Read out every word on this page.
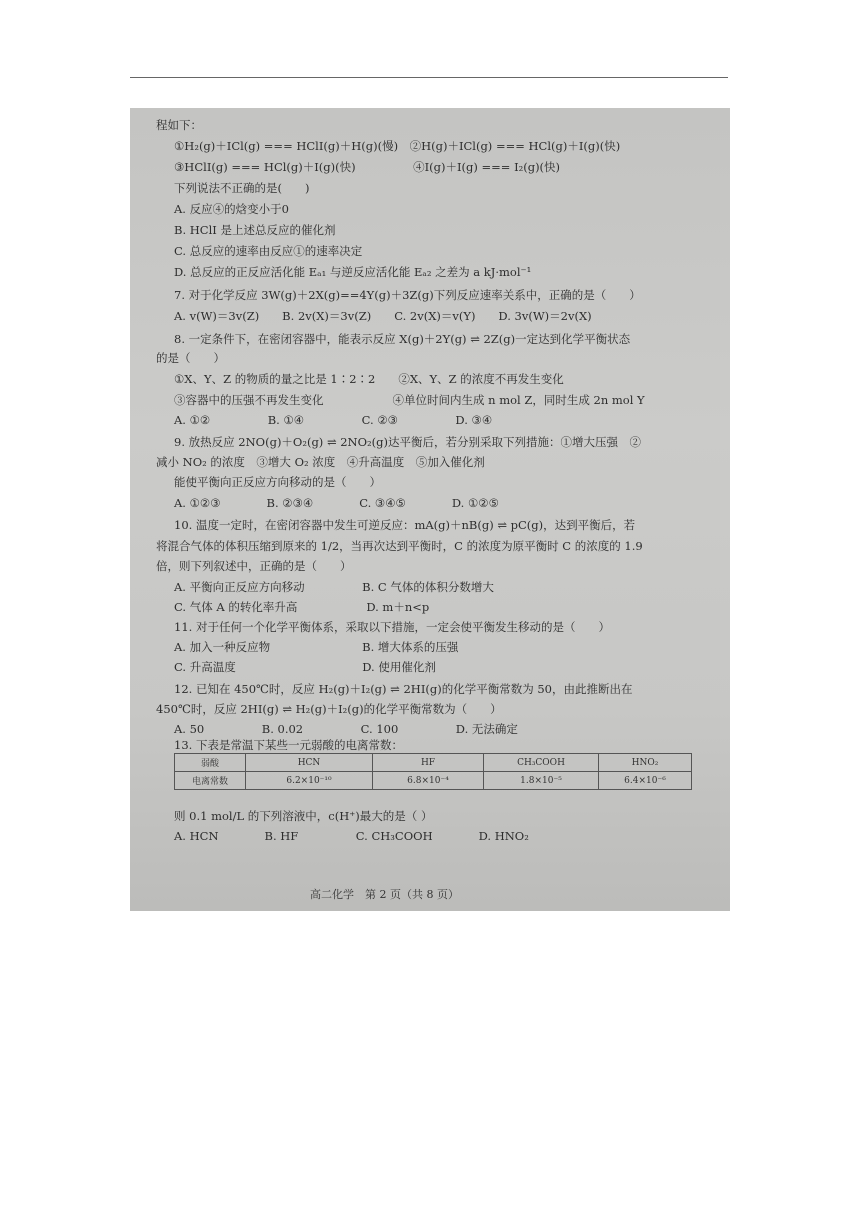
程如下：
①H₂(g)＋ICl(g) === HClI(g)＋H(g)(慢)　②H(g)＋ICl(g) === HCl(g)＋I(g)(快)
③HClI(g) === HCl(g)＋I(g)(快)　　　　　④I(g)＋I(g) === I₂(g)(快)
下列说法不正确的是(　　)
A. 反应④的焓变小于0
B. HClI 是上述总反应的催化剂
C. 总反应的速率由反应①的速率决定
D. 总反应的正反应活化能 Eₐ₁ 与逆反应活化能 Eₐ₂ 之差为 a kJ·mol⁻¹
7. 对于化学反应 3W(g)＋2X(g)==4Y(g)＋3Z(g)下列反应速率关系中，正确的是（　　）
A. v(W)＝3v(Z)　　B. 2v(X)＝3v(Z)　　C. 2v(X)＝v(Y)　　D. 3v(W)＝2v(X)
8. 一定条件下，在密闭容器中，能表示反应 X(g)＋2Y(g) ⇌ 2Z(g)一定达到化学平衡状态
的是（　　）
①X、Y、Z 的物质的量之比是 1∶2∶2　　②X、Y、Z 的浓度不再发生变化
③容器中的压强不再发生变化　　　　　　④单位时间内生成 n mol Z，同时生成 2n mol Y
A. ①②　　　　　B. ①④　　　　　C. ②③　　　　　D. ③④
9. 放热反应 2NO(g)＋O₂(g) ⇌ 2NO₂(g)达平衡后，若分别采取下列措施：①增大压强　②
减小 NO₂ 的浓度　③增大 O₂ 浓度　④升高温度　⑤加入催化剂
能使平衡向正反应方向移动的是（　　）
A. ①②③　　　　B. ②③④　　　　C. ③④⑤　　　　D. ①②⑤
10. 温度一定时，在密闭容器中发生可逆反应：mA(g)＋nB(g) ⇌ pC(g)，达到平衡后，若
将混合气体的体积压缩到原来的 1/2，当再次达到平衡时，C 的浓度为原平衡时 C 的浓度的 1.9
倍，则下列叙述中，正确的是（　　）
A. 平衡向正反应方向移动　　　　　B. C 气体的体积分数增大
C. 气体 A 的转化率升高　　　　　　D. m＋n<p
11. 对于任何一个化学平衡体系，采取以下措施，一定会使平衡发生移动的是（　　）
A. 加入一种反应物　　　　　　　　B. 增大体系的压强
C. 升高温度　　　　　　　　　　　D. 使用催化剂
12. 已知在 450℃时，反应 H₂(g)＋I₂(g) ⇌ 2HI(g)的化学平衡常数为 50，由此推断出在
450℃时，反应 2HI(g) ⇌ H₂(g)＋I₂(g)的化学平衡常数为（　　）
A. 50　　　　　B. 0.02　　　　　C. 100　　　　　D. 无法确定
13. 下表是常温下某些一元弱酸的电离常数：
则 0.1 mol/L 的下列溶液中，c(H⁺)最大的是（ ）
A. HCN　　　　B. HF　　　　　C. CH₃COOH　　　　D. HNO₂
弱酸	HCN	HF	CH₃COOH	HNO₂
电离常数	6.2×10⁻¹⁰	6.8×10⁻⁴	1.8×10⁻⁵	6.4×10⁻⁶
高二化学　第 2 页（共 8 页）
